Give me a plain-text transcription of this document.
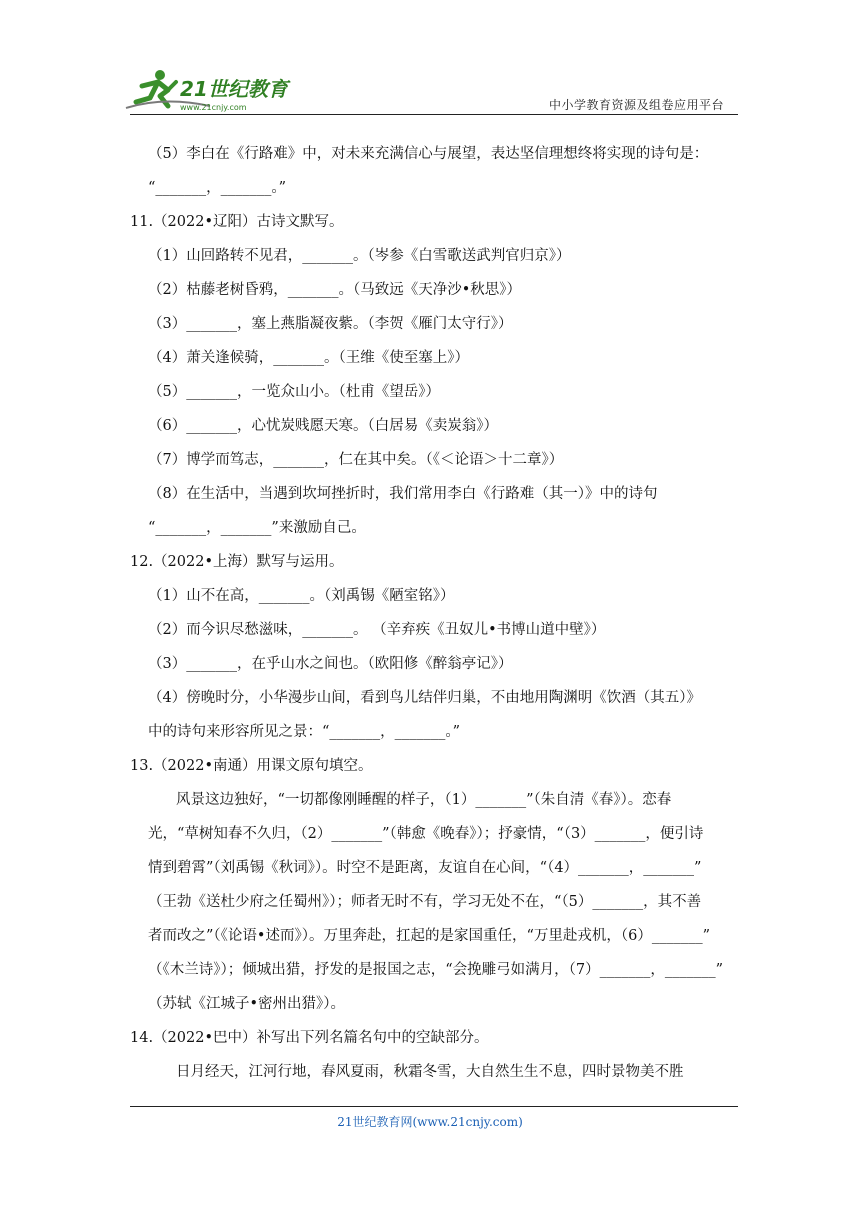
21世纪教育
www.21cnjy.com	中小学教育资源及组卷应用平台
（5）李白在《行路难》中，对未来充满信心与展望，表达坚信理想终将实现的诗句是：
“_______，_______。”
11.（2022•辽阳）古诗文默写。
（1）山回路转不见君，_______。（岑参《白雪歌送武判官归京》）
（2）枯藤老树昏鸦，_______。（马致远《天净沙•秋思》）
（3）_______，塞上燕脂凝夜紫。（李贺《雁门太守行》）
（4）萧关逢候骑，_______。（王维《使至塞上》）
（5）_______，一览众山小。（杜甫《望岳》）
（6）_______，心忧炭贱愿天寒。（白居易《卖炭翁》）
（7）博学而笃志，_______，仁在其中矣。（《＜论语＞十二章》）
（8）在生活中，当遇到坎坷挫折时，我们常用李白《行路难（其一）》中的诗句
“_______，_______”来激励自己。
12.（2022•上海）默写与运用。
（1）山不在高，_______。（刘禹锡《陋室铭》）
（2）而今识尽愁滋味，_______。 （辛弃疾《丑奴儿•书博山道中壁》）
（3）_______，在乎山水之间也。（欧阳修《醉翁亭记》）
（4）傍晚时分，小华漫步山间，看到鸟儿结伴归巢，不由地用陶渊明《饮酒（其五）》
中的诗句来形容所见之景：“_______，_______。”
13.（2022•南通）用课文原句填空。
风景这边独好，“一切都像刚睡醒的样子，（1）_______”（朱自清《春》）。恋春
光，“草树知春不久归，（2）_______”（韩愈《晚春》）；抒豪情，“（3）_______，便引诗
情到碧霄”（刘禹锡《秋词》）。时空不是距离，友谊自在心间，“（4）_______，_______”
（王勃《送杜少府之任蜀州》）；师者无时不有，学习无处不在，“（5）_______，其不善
者而改之”（《论语•述而》）。万里奔赴，扛起的是家国重任，“万里赴戎机，（6）_______”
（《木兰诗》）；倾城出猎，抒发的是报国之志，“会挽雕弓如满月，（7）_______，_______”
（苏轼《江城子•密州出猎》）。
14.（2022•巴中）补写出下列名篇名句中的空缺部分。
日月经天，江河行地，春风夏雨，秋霜冬雪，大自然生生不息，四时景物美不胜
21世纪教育网(www.21cnjy.com)
